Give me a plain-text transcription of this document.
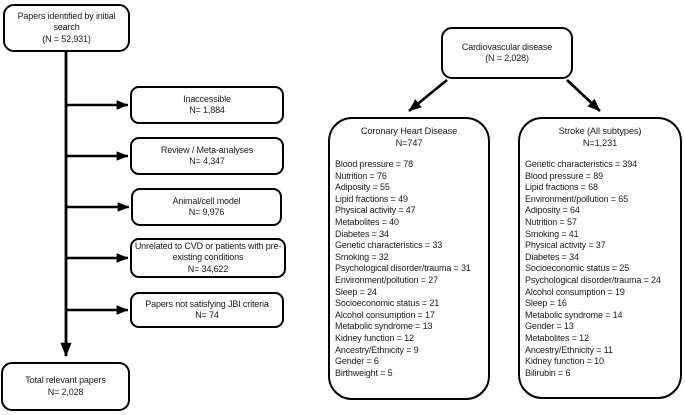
Papers identified by initial search
(N = 52,931)
Inaccessible
N= 1,884
Review / Meta-analyses
N= 4,347
Animal/cell model
N= 9,976
Unrelated to CVD or patients with pre-existing conditions
N= 34,622
Papers not satisfying JBI criteria
N= 74
Total relevant papers
N= 2,028
Cardiovascular disease
(N = 2,028)
Coronary Heart Disease
N=747
Blood pressure = 78
Nutrition = 76
Adiposity = 55
Lipid fractions = 49
Physical activity = 47
Metabolites = 40
Diabetes = 34
Genetic characteristics = 33
Smoking = 32
Psychological disorder/trauma = 31
Environment/pollution = 27
Sleep = 24
Socioeconomic status = 21
Alcohol consumption = 17
Metabolic syndrome = 13
Kidney function = 12
Ancestry/Ethnicity = 9
Gender = 6
Birthweight = 5
Stroke (All subtypes)
N=1,231
Genetic characteristics = 394
Blood pressure = 89
Lipid fractions = 68
Environment/pollution = 65
Adiposity = 64
Nutrition = 57
Smoking = 41
Physical activity = 37
Diabetes = 34
Socioeconomic status = 25
Psychological disorder/trauma = 24
Alcohol consumption = 19
Sleep = 16
Metabolic syndrome = 14
Gender = 13
Metabolites = 12
Ancestry/Ethnicity = 11
Kidney function = 10
Bilirubin = 6
